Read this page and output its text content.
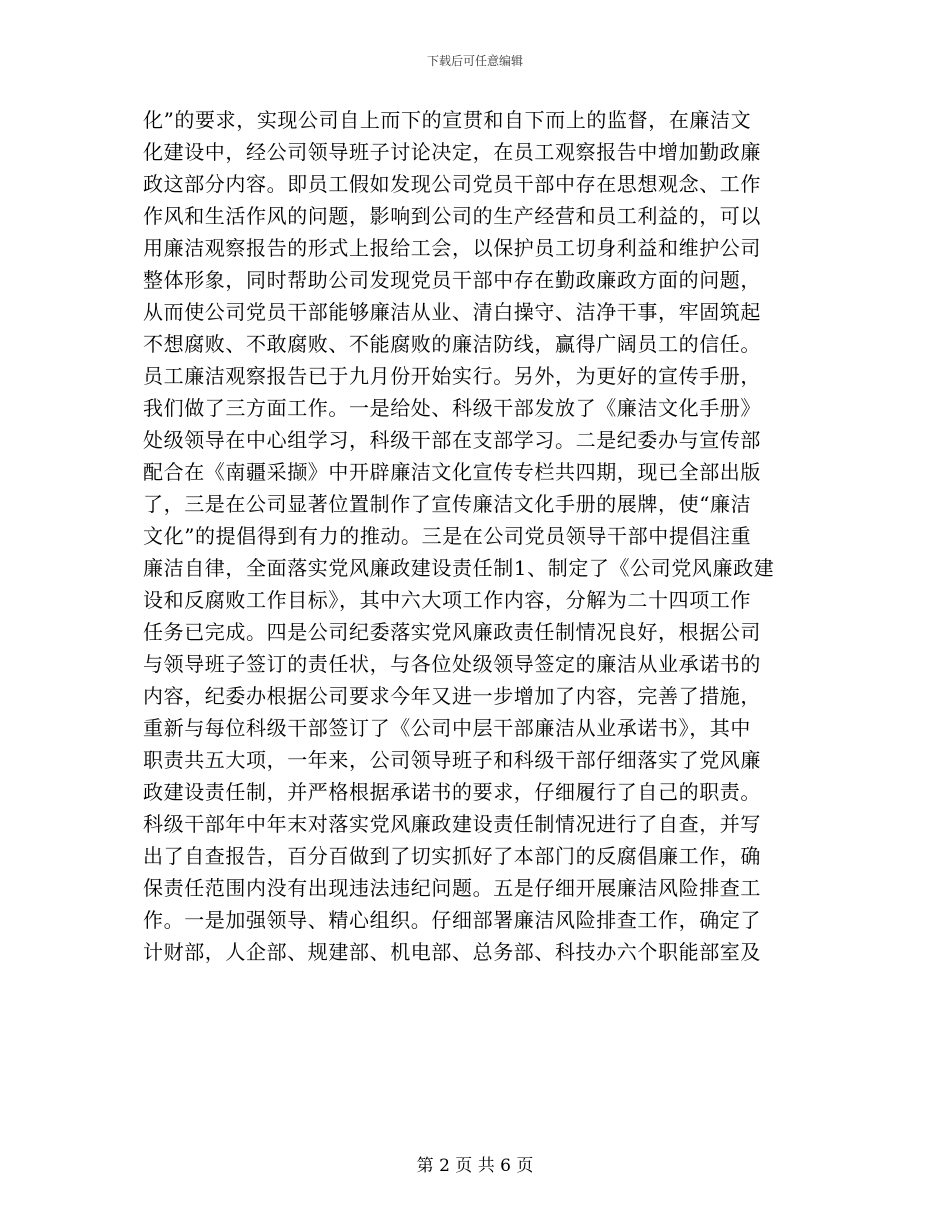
下载后可任意编辑
化”的要求，实现公司自上而下的宣贯和自下而上的监督，在廉洁文
化建设中，经公司领导班子讨论决定，在员工观察报告中增加勤政廉
政这部分内容。即员工假如发现公司党员干部中存在思想观念、工作
作风和生活作风的问题，影响到公司的生产经营和员工利益的，可以
用廉洁观察报告的形式上报给工会，以保护员工切身利益和维护公司
整体形象，同时帮助公司发现党员干部中存在勤政廉政方面的问题，
从而使公司党员干部能够廉洁从业、清白操守、洁净干事，牢固筑起
不想腐败、不敢腐败、不能腐败的廉洁防线，赢得广阔员工的信任。
员工廉洁观察报告已于九月份开始实行。另外，为更好的宣传手册，
我们做了三方面工作。一是给处、科级干部发放了《廉洁文化手册》
处级领导在中心组学习，科级干部在支部学习。二是纪委办与宣传部
配合在《南疆采撷》中开辟廉洁文化宣传专栏共四期，现已全部出版
了，三是在公司显著位置制作了宣传廉洁文化手册的展牌，使“廉洁
文化”的提倡得到有力的推动。三是在公司党员领导干部中提倡注重
廉洁自律，全面落实党风廉政建设责任制1、制定了《公司党风廉政建
设和反腐败工作目标》，其中六大项工作内容，分解为二十四项工作
任务已完成。四是公司纪委落实党风廉政责任制情况良好，根据公司
与领导班子签订的责任状，与各位处级领导签定的廉洁从业承诺书的
内容，纪委办根据公司要求今年又进一步增加了内容，完善了措施，
重新与每位科级干部签订了《公司中层干部廉洁从业承诺书》，其中
职责共五大项，一年来，公司领导班子和科级干部仔细落实了党风廉
政建设责任制，并严格根据承诺书的要求，仔细履行了自己的职责。
科级干部年中年末对落实党风廉政建设责任制情况进行了自查，并写
出了自查报告，百分百做到了切实抓好了本部门的反腐倡廉工作，确
保责任范围内没有出现违法违纪问题。五是仔细开展廉洁风险排查工
作。一是加强领导、精心组织。仔细部署廉洁风险排查工作，确定了
计财部，人企部、规建部、机电部、总务部、科技办六个职能部室及
第 2 页 共 6 页
